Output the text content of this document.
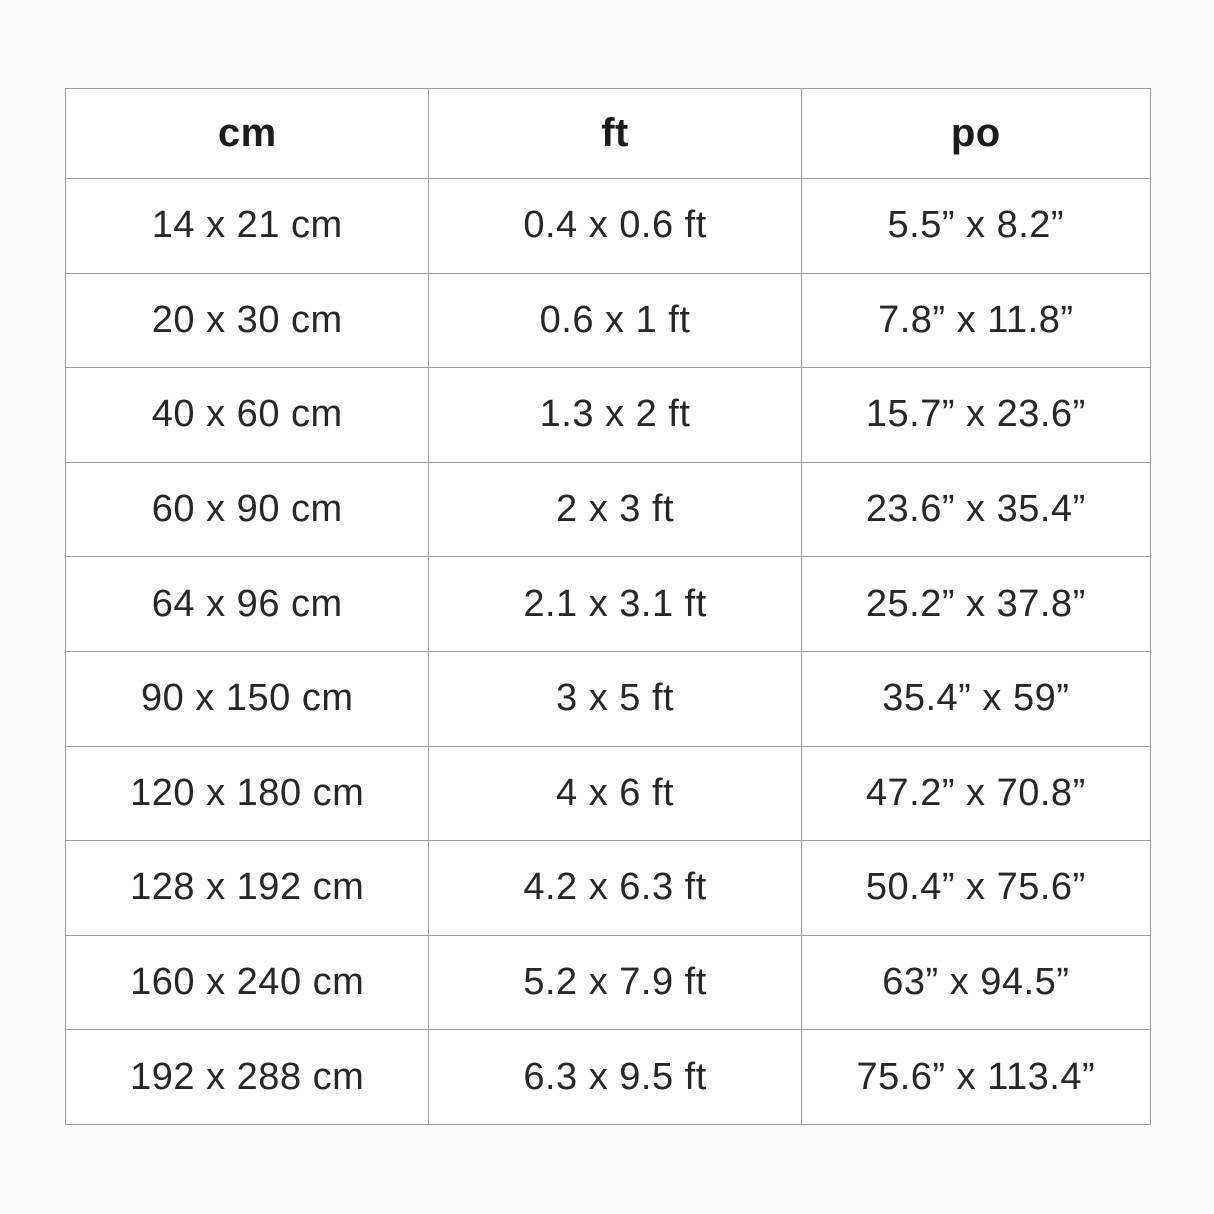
cm	ft	po
14 x 21 cm	0.4 x 0.6 ft	5.5” x 8.2”
20 x 30 cm	0.6 x 1 ft	7.8” x 11.8”
40 x 60 cm	1.3 x 2 ft	15.7” x 23.6”
60 x 90 cm	2 x 3 ft	23.6” x 35.4”
64 x 96 cm	2.1 x 3.1 ft	25.2” x 37.8”
90 x 150 cm	3 x 5 ft	35.4” x 59”
120 x 180 cm	4 x 6 ft	47.2” x 70.8”
128 x 192 cm	4.2 x 6.3 ft	50.4” x 75.6”
160 x 240 cm	5.2 x 7.9 ft	63” x 94.5”
192 x 288 cm	6.3 x 9.5 ft	75.6” x 113.4”
